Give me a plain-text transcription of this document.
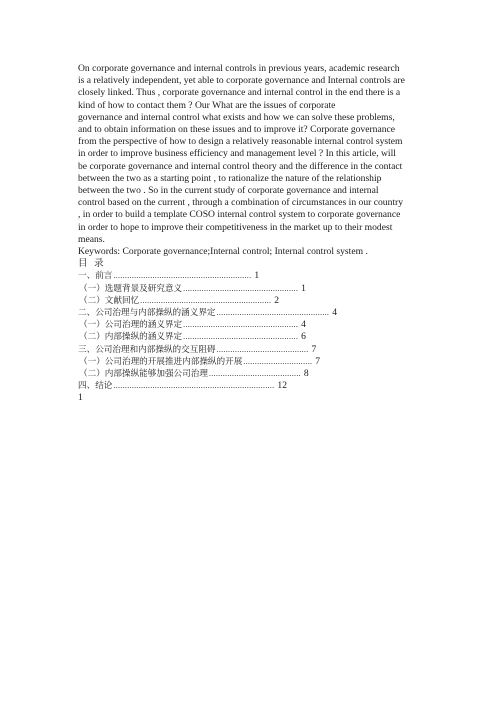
On corporate governance and internal controls in previous years, academic research

is a relatively independent, yet able to corporate governance and Internal controls are

closely linked. Thus , corporate governance and internal control in the end there is a

kind of how to contact them ? Our What are the issues of corporate

governance and internal control what exists and how we can solve these problems,

and to obtain information on these issues and to improve it? Corporate governance

from the perspective of how to design a relatively reasonable internal control system

in order to improve business efficiency and management level ? In this article, will

be corporate governance and internal control theory and the difference in the contact

between the two as a starting point , to rationalize the nature of the relationship

between the two . So in the current study of corporate governance and internal

control based on the current , through a combination of circumstances in our country

, in order to build a template COSO internal control system to corporate governance

in order to hope to improve their competitiveness in the market up to their modest

means.

Keywords: Corporate governance;Internal control; Internal control system .

目 录

一、前言 ............................................................ 1
（一）选题背景及研究意义 .................................................. 1
（二）文献回忆 ......................................................... 2
二、公司治理与内部操纵的涵义界定 ................................................. 4
（一）公司治理的涵义界定 .................................................. 4
（二）内部操纵的涵义界定 .................................................. 6
三、公司治理和内部操纵的交互阻碍 ........................................ 7
（一）公司治理的开展推进内部操纵的开展 .............................. 7
（二）内部操纵能够加强公司治理 ........................................ 8
四、结论 ...................................................................... 12

1
